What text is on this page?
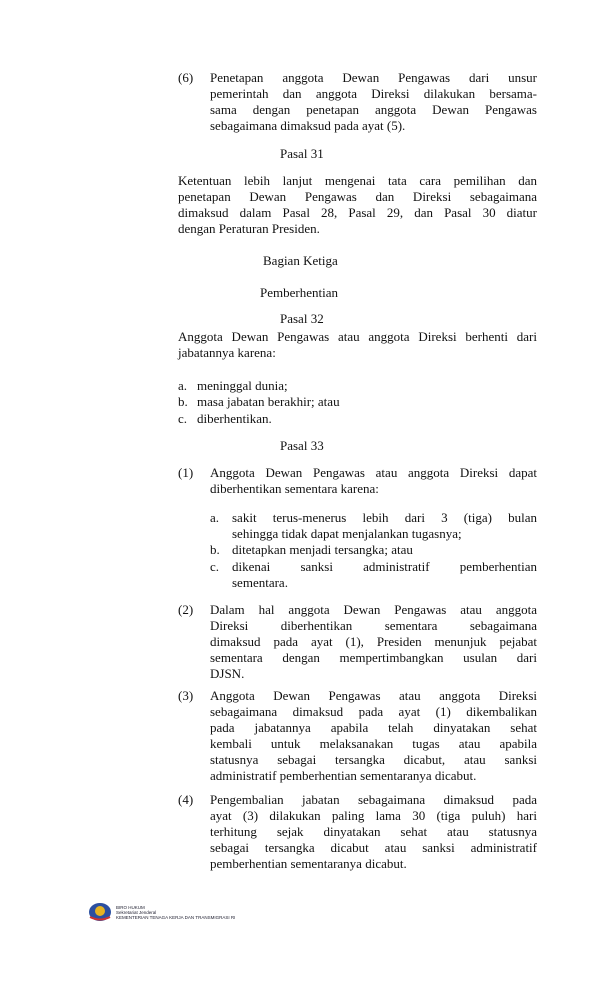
(6) Penetapan anggota Dewan Pengawas dari unsur
pemerintah dan anggota Direksi dilakukan bersama-
sama dengan penetapan anggota Dewan Pengawas
sebagaimana dimaksud pada ayat (5).
Pasal 31
Ketentuan lebih lanjut mengenai tata cara pemilihan dan
penetapan Dewan Pengawas dan Direksi sebagaimana
dimaksud dalam Pasal 28, Pasal 29, dan Pasal 30 diatur
dengan Peraturan Presiden.
Bagian Ketiga
Pemberhentian
Pasal 32
Anggota Dewan Pengawas atau anggota Direksi berhenti dari
jabatannya karena:
a. meninggal dunia;
b. masa jabatan berakhir; atau
c. diberhentikan.
Pasal 33
(1) Anggota Dewan Pengawas atau anggota Direksi dapat
diberhentikan sementara karena:
a. sakit terus-menerus lebih dari 3 (tiga) bulan
sehingga tidak dapat menjalankan tugasnya;
b. ditetapkan menjadi tersangka; atau
c. dikenai sanksi administratif pemberhentian
sementara.
(2) Dalam hal anggota Dewan Pengawas atau anggota
Direksi diberhentikan sementara sebagaimana
dimaksud pada ayat (1), Presiden menunjuk pejabat
sementara dengan mempertimbangkan usulan dari
DJSN.
(3) Anggota Dewan Pengawas atau anggota Direksi
sebagaimana dimaksud pada ayat (1) dikembalikan
pada jabatannya apabila telah dinyatakan sehat
kembali untuk melaksanakan tugas atau apabila
statusnya sebagai tersangka dicabut, atau sanksi
administratif pemberhentian sementaranya dicabut.
(4) Pengembalian jabatan sebagaimana dimaksud pada
ayat (3) dilakukan paling lama 30 (tiga puluh) hari
terhitung sejak dinyatakan sehat atau statusnya
sebagai tersangka dicabut atau sanksi administratif
pemberhentian sementaranya dicabut.
BIRO HUKUM
Sekretariat Jenderal
KEMENTERIAN TENAGA KERJA DAN TRANSMIGRASI RI
